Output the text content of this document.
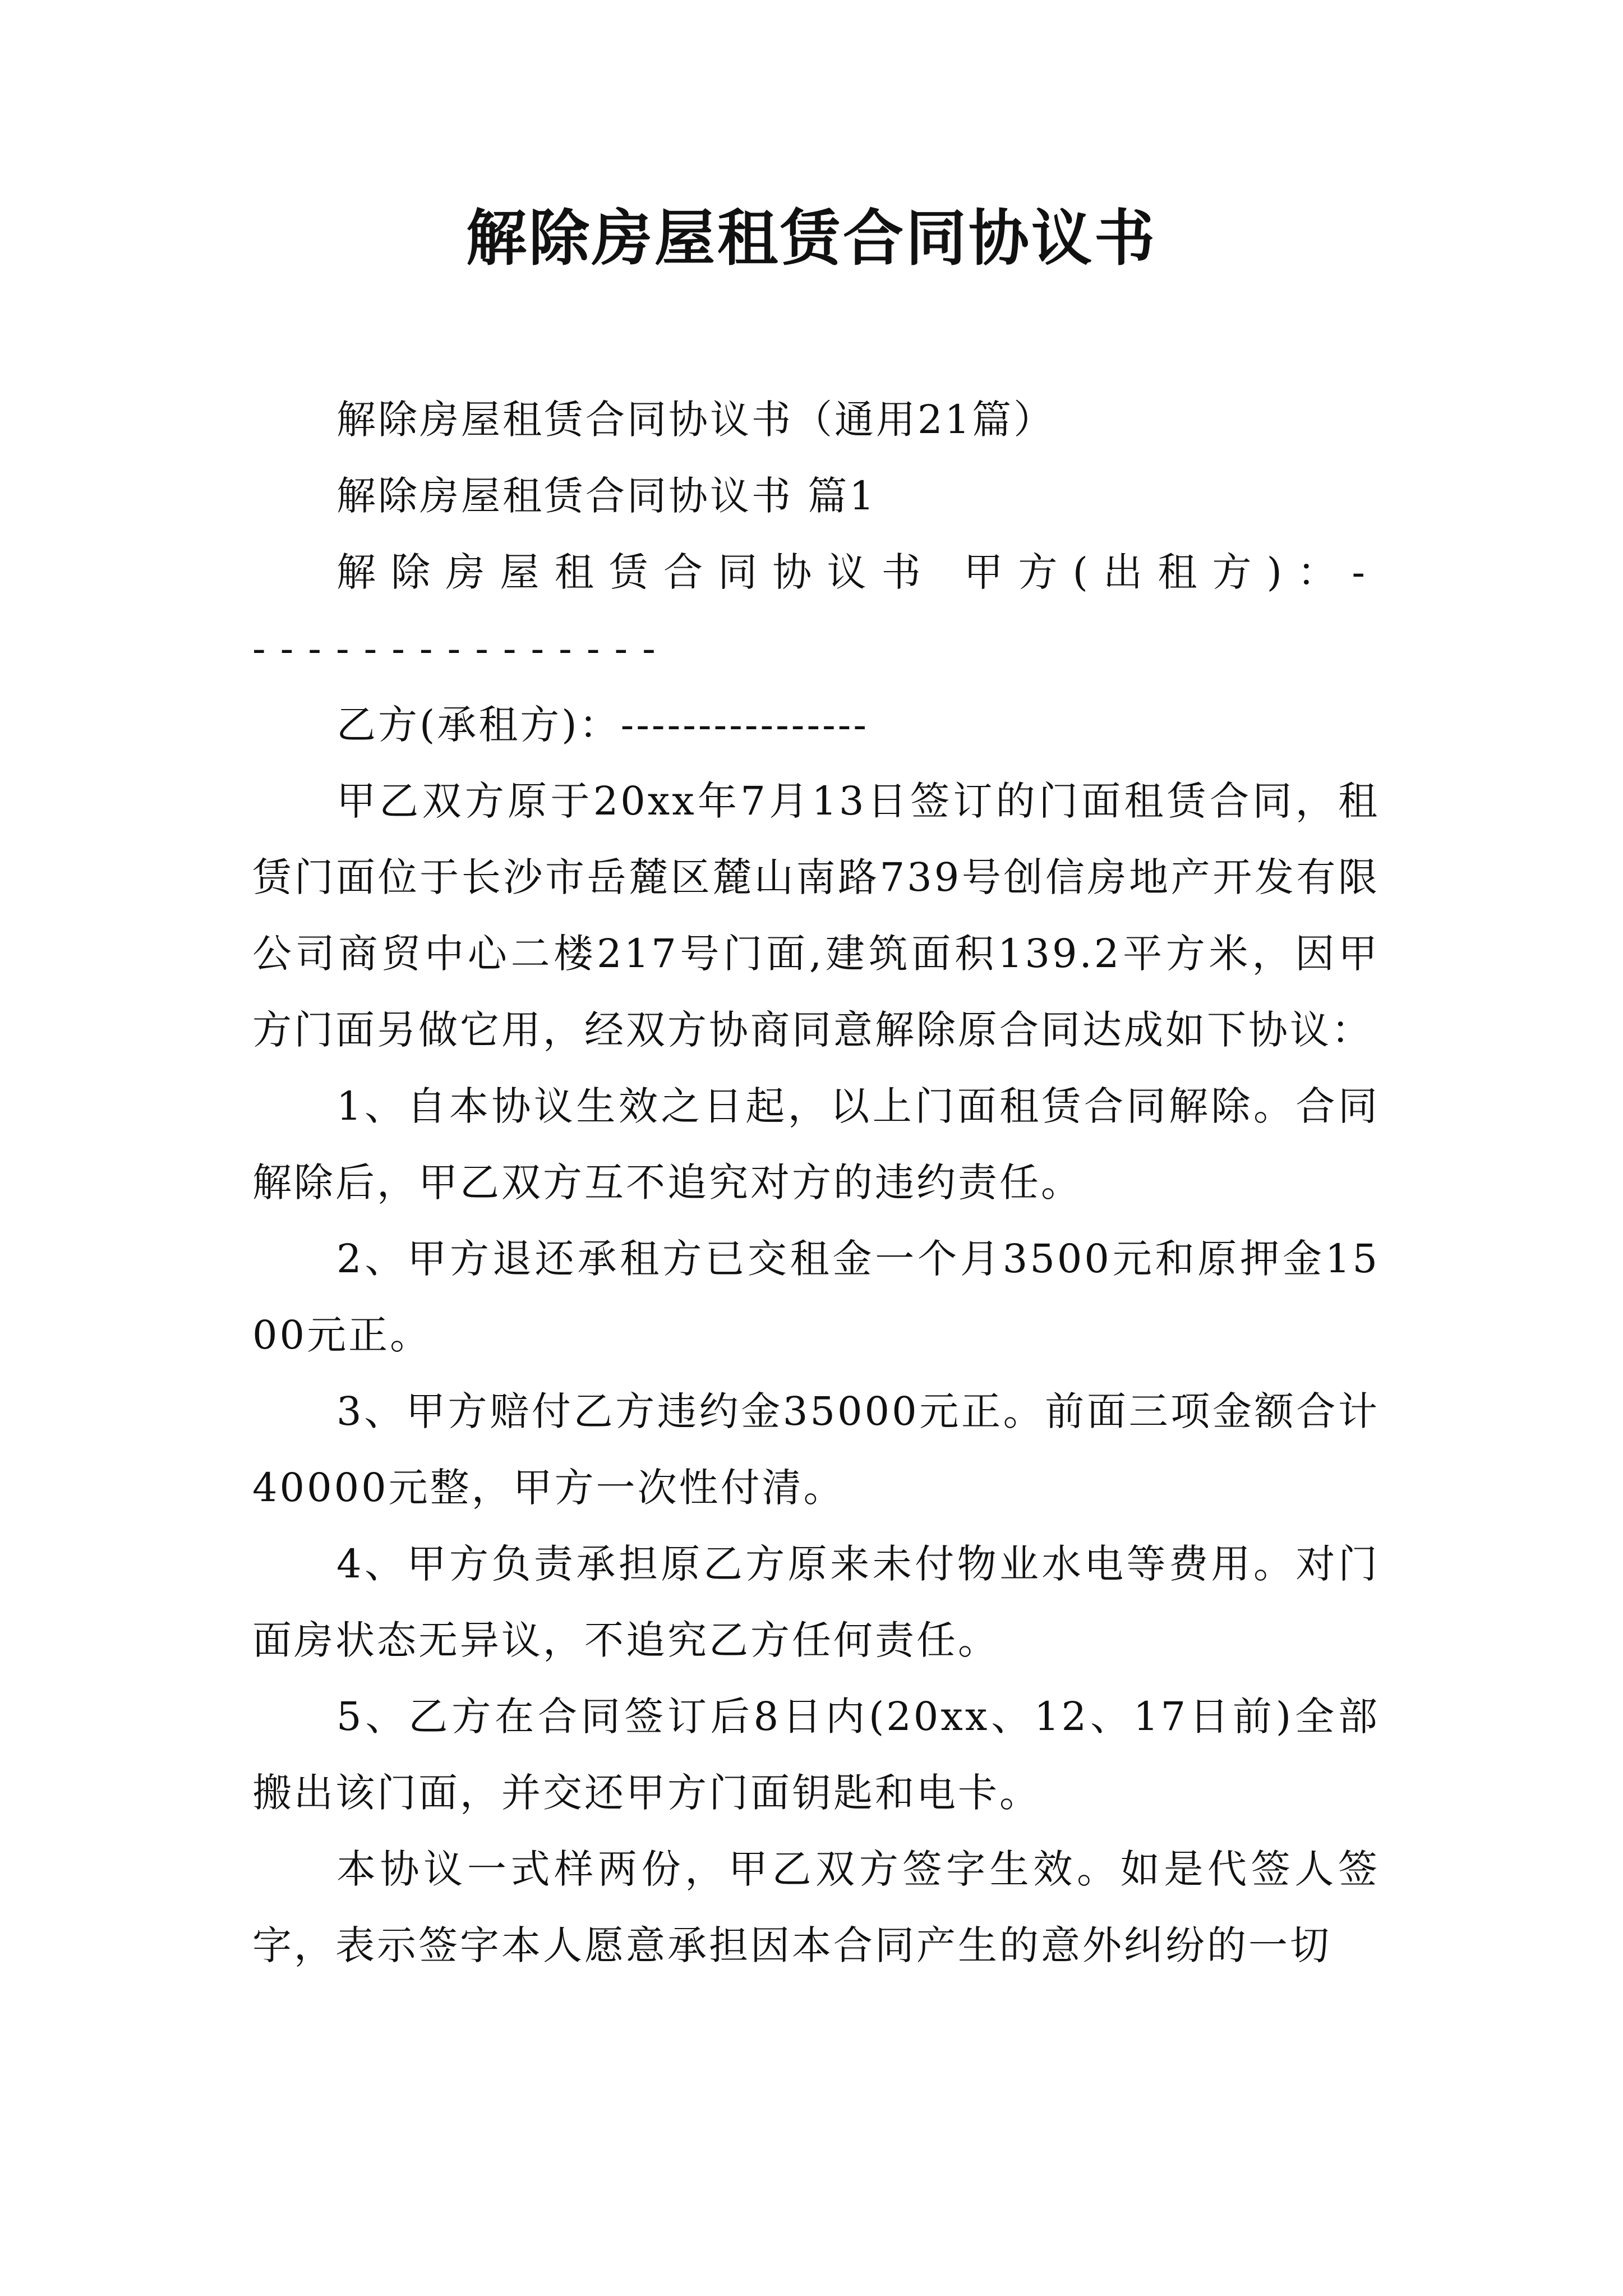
解除房屋租赁合同协议书

解除房屋租赁合同协议书（通用21篇）

解除房屋租赁合同协议书 篇1

解除房屋租赁合同协议书 甲方(出租方)：----------------

乙方(承租方)：----------------

甲乙双方原于20xx年7月13日签订的门面租赁合同，租赁门面位于长沙市岳麓区麓山南路739号创信房地产开发有限公司商贸中心二楼217号门面,建筑面积139.2平方米，因甲方门面另做它用，经双方协商同意解除原合同达成如下协议：

1、自本协议生效之日起，以上门面租赁合同解除。合同解除后，甲乙双方互不追究对方的违约责任。

2、甲方退还承租方已交租金一个月3500元和原押金1500元正。

3、甲方赔付乙方违约金35000元正。前面三项金额合计40000元整，甲方一次性付清。

4、甲方负责承担原乙方原来未付物业水电等费用。对门面房状态无异议，不追究乙方任何责任。

5、乙方在合同签订后8日内(20xx、12、17日前)全部搬出该门面，并交还甲方门面钥匙和电卡。

本协议一式样两份，甲乙双方签字生效。如是代签人签字，表示签字本人愿意承担因本合同产生的意外纠纷的一切
